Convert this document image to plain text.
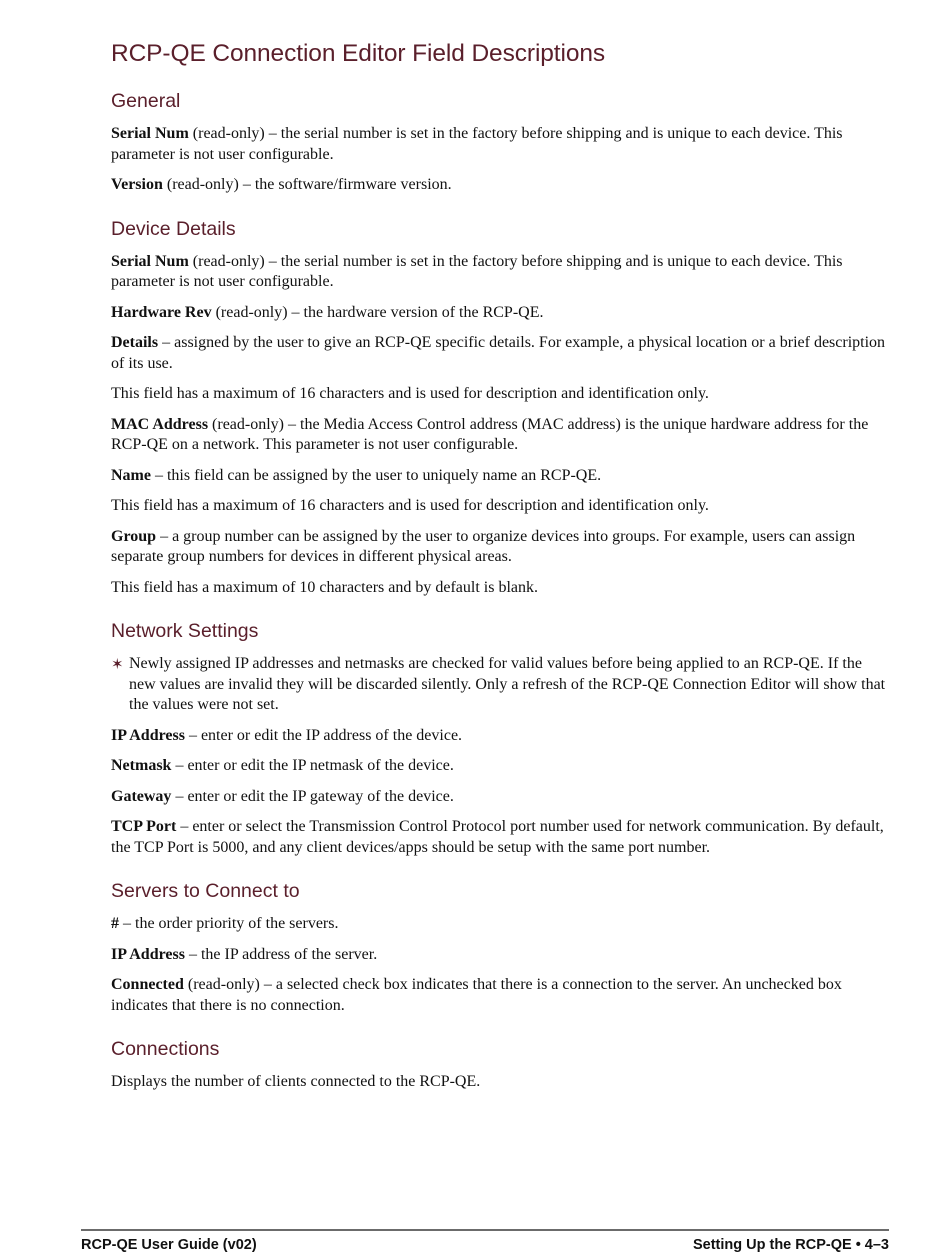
RCP-QE Connection Editor Field Descriptions
General

Serial Num (read-only) – the serial number is set in the factory before shipping and is unique to each device. This parameter is not user configurable.

Version (read-only) – the software/firmware version.

Device Details

Serial Num (read-only) – the serial number is set in the factory before shipping and is unique to each device. This parameter is not user configurable.

Hardware Rev (read-only) – the hardware version of the RCP-QE.

Details – assigned by the user to give an RCP-QE specific details. For example, a physical location or a brief description of its use.

This field has a maximum of 16 characters and is used for description and identification only.

MAC Address (read-only) – the Media Access Control address (MAC address) is the unique hardware address for the RCP-QE on a network. This parameter is not user configurable.

Name – this field can be assigned by the user to uniquely name an RCP-QE.

This field has a maximum of 16 characters and is used for description and identification only.

Group – a group number can be assigned by the user to organize devices into groups. For example, users can assign separate group numbers for devices in different physical areas.

This field has a maximum of 10 characters and by default is blank.

Network Settings

✶ Newly assigned IP addresses and netmasks are checked for valid values before being applied to an RCP-QE. If the new values are invalid they will be discarded silently. Only a refresh of the RCP-QE Connection Editor will show that the values were not set.

IP Address – enter or edit the IP address of the device.

Netmask – enter or edit the IP netmask of the device.

Gateway – enter or edit the IP gateway of the device.

TCP Port – enter or select the Transmission Control Protocol port number used for network communication. By default, the TCP Port is 5000, and any client devices/apps should be setup with the same port number.

Servers to Connect to

# – the order priority of the servers.

IP Address – the IP address of the server.

Connected (read-only) – a selected check box indicates that there is a connection to the server. An unchecked box indicates that there is no connection.

Connections

Displays the number of clients connected to the RCP-QE.

RCP-QE User Guide (v02)	Setting Up the RCP-QE • 4–3
